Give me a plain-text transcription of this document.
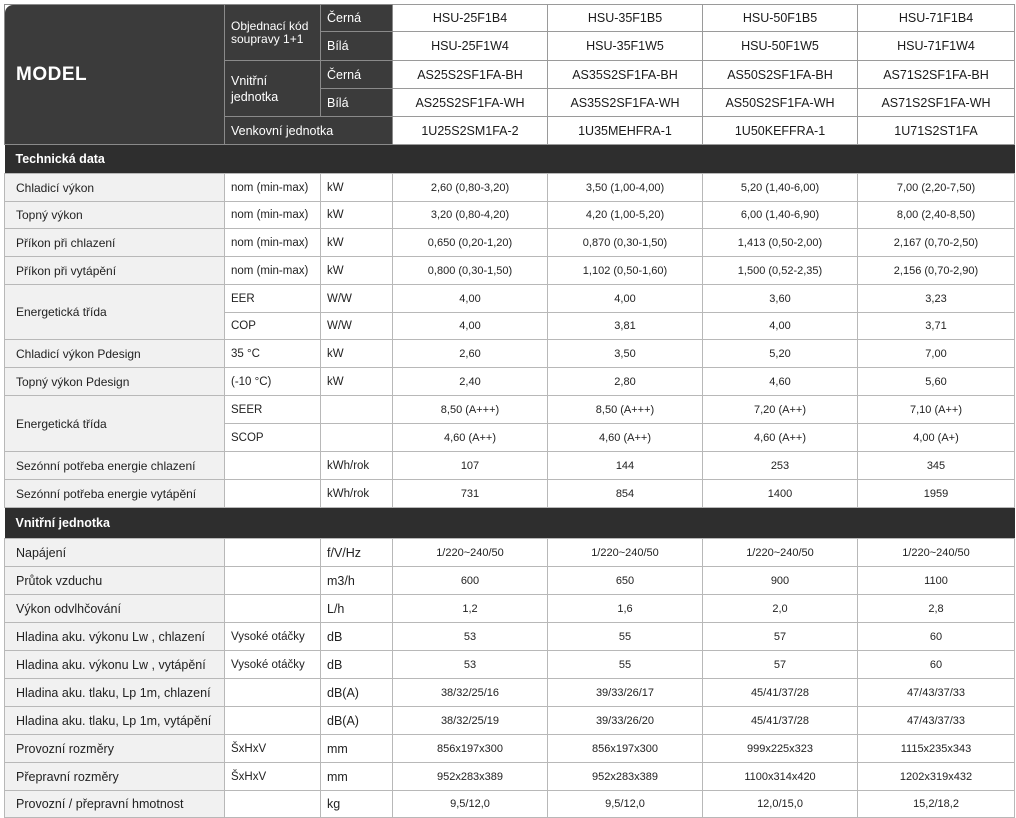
MODEL	Objednací kód soupravy 1+1	Černá	HSU-25F1B4	HSU-35F1B5	HSU-50F1B5	HSU-71F1B4
		Bílá	HSU-25F1W4	HSU-35F1W5	HSU-50F1W5	HSU-71F1W4
	Vnitřní jednotka	Černá	AS25S2SF1FA-BH	AS35S2SF1FA-BH	AS50S2SF1FA-BH	AS71S2SF1FA-BH
		Bílá	AS25S2SF1FA-WH	AS35S2SF1FA-WH	AS50S2SF1FA-WH	AS71S2SF1FA-WH
	Venkovní jednotka		1U25S2SM1FA-2	1U35MEHFRA-1	1U50KEFFRA-1	1U71S2ST1FA
Technická data						
Chladicí výkon	nom (min-max)	kW	2,60 (0,80-3,20)	3,50 (1,00-4,00)	5,20 (1,40-6,00)	7,00 (2,20-7,50)
Topný výkon	nom (min-max)	kW	3,20 (0,80-4,20)	4,20 (1,00-5,20)	6,00 (1,40-6,90)	8,00 (2,40-8,50)
Příkon při chlazení	nom (min-max)	kW	0,650 (0,20-1,20)	0,870 (0,30-1,50)	1,413 (0,50-2,00)	2,167 (0,70-2,50)
Příkon při vytápění	nom (min-max)	kW	0,800 (0,30-1,50)	1,102 (0,50-1,60)	1,500 (0,52-2,35)	2,156 (0,70-2,90)
Energetická třída	EER	W/W	4,00	4,00	3,60	3,23
	COP	W/W	4,00	3,81	4,00	3,71
Chladicí výkon Pdesign	35 °C	kW	2,60	3,50	5,20	7,00
Topný výkon Pdesign	(-10 °C)	kW	2,40	2,80	4,60	5,60
Energetická třída	SEER		8,50 (A+++)	8,50 (A+++)	7,20 (A++)	7,10 (A++)
	SCOP		4,60 (A++)	4,60 (A++)	4,60 (A++)	4,00 (A+)
Sezónní potřeba energie chlazení		kWh/rok	107	144	253	345
Sezónní potřeba energie vytápění		kWh/rok	731	854	1400	1959
Vnitřní jednotka						
Napájení		f/V/Hz	1/220~240/50	1/220~240/50	1/220~240/50	1/220~240/50
Průtok vzduchu		m3/h	600	650	900	1100
Výkon odvlhčování		L/h	1,2	1,6	2,0	2,8
Hladina aku. výkonu Lw , chlazení	Vysoké otáčky	dB	53	55	57	60
Hladina aku. výkonu Lw , vytápění	Vysoké otáčky	dB	53	55	57	60
Hladina aku. tlaku, Lp 1m, chlazení		dB(A)	38/32/25/16	39/33/26/17	45/41/37/28	47/43/37/33
Hladina aku. tlaku, Lp 1m, vytápění		dB(A)	38/32/25/19	39/33/26/20	45/41/37/28	47/43/37/33
Provozní rozměry	ŠxHxV	mm	856x197x300	856x197x300	999x225x323	1115x235x343
Přepravní rozměry	ŠxHxV	mm	952x283x389	952x283x389	1100x314x420	1202x319x432
Provozní / přepravní hmotnost		kg	9,5/12,0	9,5/12,0	12,0/15,0	15,2/18,2
